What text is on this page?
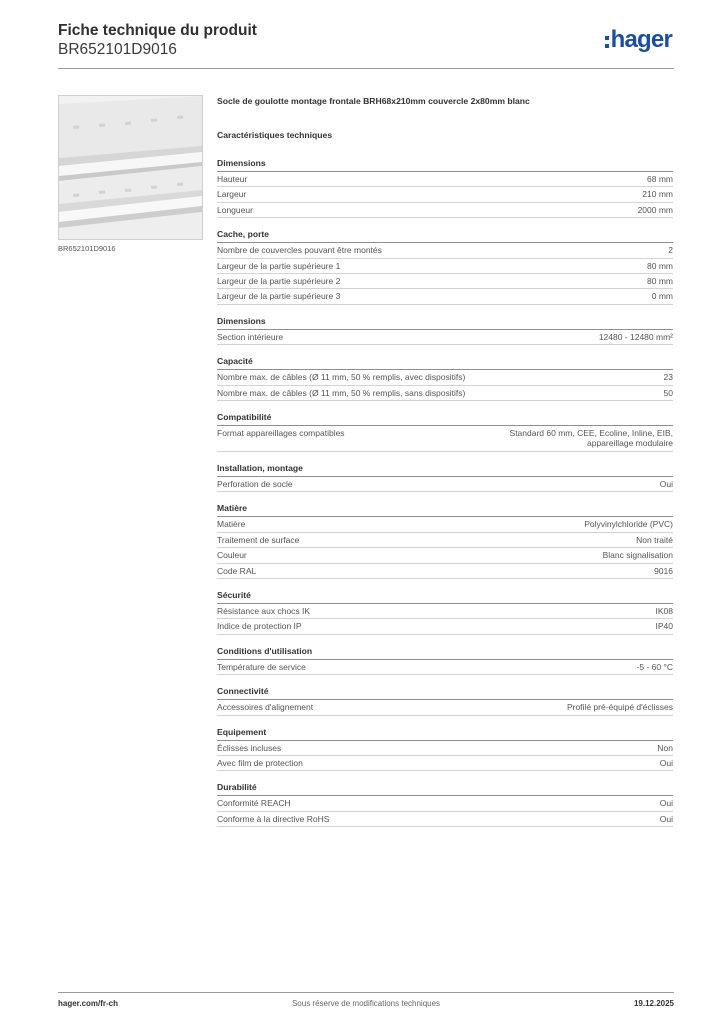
Fiche technique du produit
BR652101D9016	hager
BR652101D9016
Socle de goulotte montage frontale BRH68x210mm couvercle 2x80mm blanc
Caractéristiques techniques
Dimensions
Hauteur	68 mm
Largeur	210 mm
Longueur	2000 mm
Cache, porte
Nombre de couvercles pouvant être montés	2
Largeur de la partie supérieure 1	80 mm
Largeur de la partie supérieure 2	80 mm
Largeur de la partie supérieure 3	0 mm
Dimensions
Section intérieure	12480 - 12480 mm²
Capacité
Nombre max. de câbles (Ø 11 mm, 50 % remplis, avec dispositifs)	23
Nombre max. de câbles (Ø 11 mm, 50 % remplis, sans dispositifs)	50
Compatibilité
Format appareillages compatibles	Standard 60 mm, CEE, Ecoline, Inline, EIB, appareillage modulaire
Installation, montage
Perforation de socle	Oui
Matière
Matière	Polyvinylchloride (PVC)
Traitement de surface	Non traité
Couleur	Blanc signalisation
Code RAL	9016
Sécurité
Résistance aux chocs IK	IK08
Indice de protection IP	IP40
Conditions d'utilisation
Température de service	-5 - 60 °C
Connectivité
Accessoires d'alignement	Profilé pré-équipé d'éclisses
Equipement
Éclisses incluses	Non
Avec film de protection	Oui
Durabilité
Conformité REACH	Oui
Conforme à la directive RoHS	Oui
hager.com/fr-ch	Sous réserve de modifications techniques	19.12.2025
